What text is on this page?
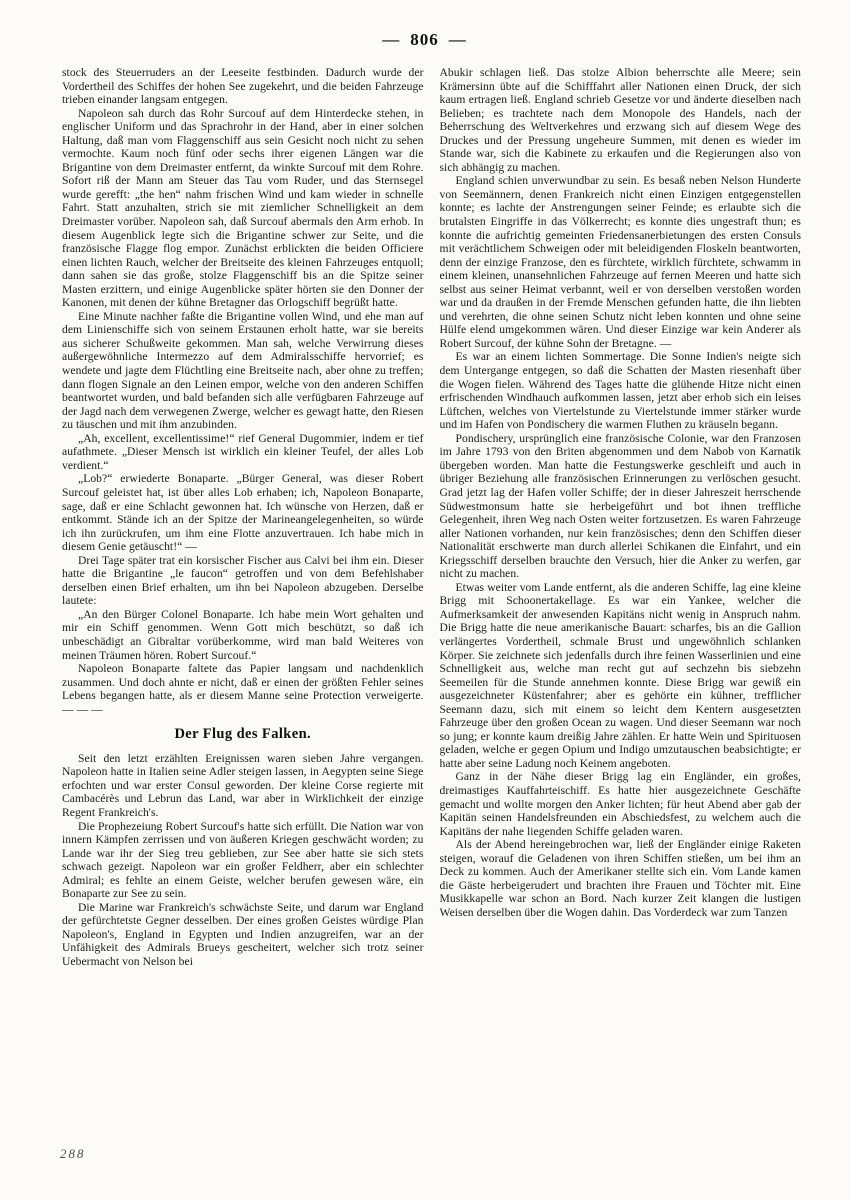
— 806 —

stock des Steuerruders an der Leeseite festbinden. Dadurch wurde der Vordertheil des Schiffes der hohen See zugekehrt, und die beiden Fahrzeuge trieben einander langsam entgegen.

Napoleon sah durch das Rohr Surcouf auf dem Hinterdecke stehen, in englischer Uniform und das Sprachrohr in der Hand, aber in einer solchen Haltung, daß man vom Flaggenschiff aus sein Gesicht noch nicht zu sehen vermochte. Kaum noch fünf oder sechs ihrer eigenen Längen war die Brigantine von dem Dreimaster entfernt, da winkte Surcouf mit dem Rohre. Sofort riß der Mann am Steuer das Tau vom Ruder, und das Sternsegel wurde gerefft: „the hen“ nahm frischen Wind und kam wieder in schnelle Fahrt. Statt anzuhalten, strich sie mit ziemlicher Schnelligkeit an dem Dreimaster vorüber. Napoleon sah, daß Surcouf abermals den Arm erhob. In diesem Augenblick legte sich die Brigantine schwer zur Seite, und die französische Flagge flog empor. Zunächst erblickten die beiden Officiere einen lichten Rauch, welcher der Breitseite des kleinen Fahrzeuges entquoll; dann sahen sie das große, stolze Flaggenschiff bis an die Spitze seiner Masten erzittern, und einige Augenblicke später hörten sie den Donner der Kanonen, mit denen der kühne Bretagner das Orlogschiff begrüßt hatte.

Eine Minute nachher faßte die Brigantine vollen Wind, und ehe man auf dem Linienschiffe sich von seinem Erstaunen erholt hatte, war sie bereits aus sicherer Schußweite gekommen. Man sah, welche Verwirrung dieses außergewöhnliche Intermezzo auf dem Admiralsschiffe hervorrief; es wendete und jagte dem Flüchtling eine Breitseite nach, aber ohne zu treffen; dann flogen Signale an den Leinen empor, welche von den anderen Schiffen beantwortet wurden, und bald befanden sich alle verfügbaren Fahrzeuge auf der Jagd nach dem verwegenen Zwerge, welcher es gewagt hatte, den Riesen zu täuschen und mit ihm anzubinden.

„Ah, excellent, excellentissime!“ rief General Dugommier, indem er tief aufathmete. „Dieser Mensch ist wirklich ein kleiner Teufel, der alles Lob verdient.“

„Lob?“ erwiederte Bonaparte. „Bürger General, was dieser Robert Surcouf geleistet hat, ist über alles Lob erhaben; ich, Napoleon Bonaparte, sage, daß er eine Schlacht gewonnen hat. Ich wünsche von Herzen, daß er entkommt. Stände ich an der Spitze der Marineangelegenheiten, so würde ich ihn zurückrufen, um ihm eine Flotte anzuvertrauen. Ich habe mich in diesem Genie getäuscht!“ —

Drei Tage später trat ein korsischer Fischer aus Calvi bei ihm ein. Dieser hatte die Brigantine „le faucon“ getroffen und von dem Befehlshaber derselben einen Brief erhalten, um ihn bei Napoleon abzugeben. Derselbe lautete:

„An den Bürger Colonel Bonaparte. Ich habe mein Wort gehalten und mir ein Schiff genommen. Wenn Gott mich beschützt, so daß ich unbeschädigt an Gibraltar vorüberkomme, wird man bald Weiteres von meinen Träumen hören. Robert Surcouf.“

Napoleon Bonaparte faltete das Papier langsam und nachdenklich zusammen. Und doch ahnte er nicht, daß er einen der größten Fehler seines Lebens begangen hatte, als er diesem Manne seine Protection verweigerte. — — —

Der Flug des Falken.

Seit den letzt erzählten Ereignissen waren sieben Jahre vergangen. Napoleon hatte in Italien seine Adler steigen lassen, in Aegypten seine Siege erfochten und war erster Consul geworden. Der kleine Corse regierte mit Cambacérès und Lebrun das Land, war aber in Wirklichkeit der einzige Regent Frankreich's.

Die Prophezeiung Robert Surcouf's hatte sich erfüllt. Die Nation war von innern Kämpfen zerrissen und von äußeren Kriegen geschwächt worden; zu Lande war ihr der Sieg treu geblieben, zur See aber hatte sie sich stets schwach gezeigt. Napoleon war ein großer Feldherr, aber ein schlechter Admiral; es fehlte an einem Geiste, welcher berufen gewesen wäre, ein Bonaparte zur See zu sein.

Die Marine war Frankreich's schwächste Seite, und darum war England der gefürchtetste Gegner desselben. Der eines großen Geistes würdige Plan Napoleon's, England in Egypten und Indien anzugreifen, war an der Unfähigkeit des Admirals Brueys gescheitert, welcher sich trotz seiner Uebermacht von Nelson bei

Abukir schlagen ließ. Das stolze Albion beherrschte alle Meere; sein Krämersinn übte auf die Schifffahrt aller Nationen einen Druck, der sich kaum ertragen ließ. England schrieb Gesetze vor und änderte dieselben nach Belieben; es trachtete nach dem Monopole des Handels, nach der Beherrschung des Weltverkehres und erzwang sich auf diesem Wege des Druckes und der Pressung ungeheure Summen, mit denen es wieder im Stande war, sich die Kabinete zu erkaufen und die Regierungen also von sich abhängig zu machen.

England schien unverwundbar zu sein. Es besaß neben Nelson Hunderte von Seemännern, denen Frankreich nicht einen Einzigen entgegenstellen konnte; es lachte der Anstrengungen seiner Feinde; es erlaubte sich die brutalsten Eingriffe in das Völkerrecht; es konnte dies ungestraft thun; es konnte die aufrichtig gemeinten Friedensanerbietungen des ersten Consuls mit verächtlichem Schweigen oder mit beleidigenden Floskeln beantworten, denn der einzige Franzose, den es fürchtete, wirklich fürchtete, schwamm in einem kleinen, unansehnlichen Fahrzeuge auf fernen Meeren und hatte sich selbst aus seiner Heimat verbannt, weil er von derselben verstoßen worden war und da draußen in der Fremde Menschen gefunden hatte, die ihn liebten und verehrten, die ohne seinen Schutz nicht leben konnten und ohne seine Hülfe elend umgekommen wären. Und dieser Einzige war kein Anderer als Robert Surcouf, der kühne Sohn der Bretagne. —

Es war an einem lichten Sommertage. Die Sonne Indien's neigte sich dem Untergange entgegen, so daß die Schatten der Masten riesenhaft über die Wogen fielen. Während des Tages hatte die glühende Hitze nicht einen erfrischenden Windhauch aufkommen lassen, jetzt aber erhob sich ein leises Lüftchen, welches von Viertelstunde zu Viertelstunde immer stärker wurde und im Hafen von Pondischery die warmen Fluthen zu kräuseln begann.

Pondischery, ursprünglich eine französische Colonie, war den Franzosen im Jahre 1793 von den Briten abgenommen und dem Nabob von Karnatik übergeben worden. Man hatte die Festungswerke geschleift und auch in übriger Beziehung alle französischen Erinnerungen zu verlöschen gesucht. Grad jetzt lag der Hafen voller Schiffe; der in dieser Jahreszeit herrschende Südwestmonsum hatte sie herbeigeführt und bot ihnen treffliche Gelegenheit, ihren Weg nach Osten weiter fortzusetzen. Es waren Fahrzeuge aller Nationen vorhanden, nur kein französisches; denn den Schiffen dieser Nationalität erschwerte man durch allerlei Schikanen die Einfahrt, und ein Kriegsschiff derselben brauchte den Versuch, hier die Anker zu werfen, gar nicht zu machen.

Etwas weiter vom Lande entfernt, als die anderen Schiffe, lag eine kleine Brigg mit Schoonertakellage. Es war ein Yankee, welcher die Aufmerksamkeit der anwesenden Kapitäns nicht wenig in Anspruch nahm. Die Brigg hatte die neue amerikanische Bauart: scharfes, bis an die Gallion verlängertes Vordertheil, schmale Brust und ungewöhnlich schlanken Körper. Sie zeichnete sich jedenfalls durch ihre feinen Wasserlinien und eine Schnelligkeit aus, welche man recht gut auf sechzehn bis siebzehn Seemeilen für die Stunde annehmen konnte. Diese Brigg war gewiß ein ausgezeichneter Küstenfahrer; aber es gehörte ein kühner, trefflicher Seemann dazu, sich mit einem so leicht dem Kentern ausgesetzten Fahrzeuge über den großen Ocean zu wagen. Und dieser Seemann war noch so jung; er konnte kaum dreißig Jahre zählen. Er hatte Wein und Spirituosen geladen, welche er gegen Opium und Indigo umzutauschen beabsichtigte; er hatte aber seine Ladung noch Keinem angeboten.

Ganz in der Nähe dieser Brigg lag ein Engländer, ein großes, dreimastiges Kauffahrteischiff. Es hatte hier ausgezeichnete Geschäfte gemacht und wollte morgen den Anker lichten; für heut Abend aber gab der Kapitän seinen Handelsfreunden ein Abschiedsfest, zu welchem auch die Kapitäns der nahe liegenden Schiffe geladen waren.

Als der Abend hereingebrochen war, ließ der Engländer einige Raketen steigen, worauf die Geladenen von ihren Schiffen stießen, um bei ihm an Deck zu kommen. Auch der Amerikaner stellte sich ein. Vom Lande kamen die Gäste herbeigerudert und brachten ihre Frauen und Töchter mit. Eine Musikkapelle war schon an Bord. Nach kurzer Zeit klangen die lustigen Weisen derselben über die Wogen dahin. Das Vorderdeck war zum Tanzen

288
